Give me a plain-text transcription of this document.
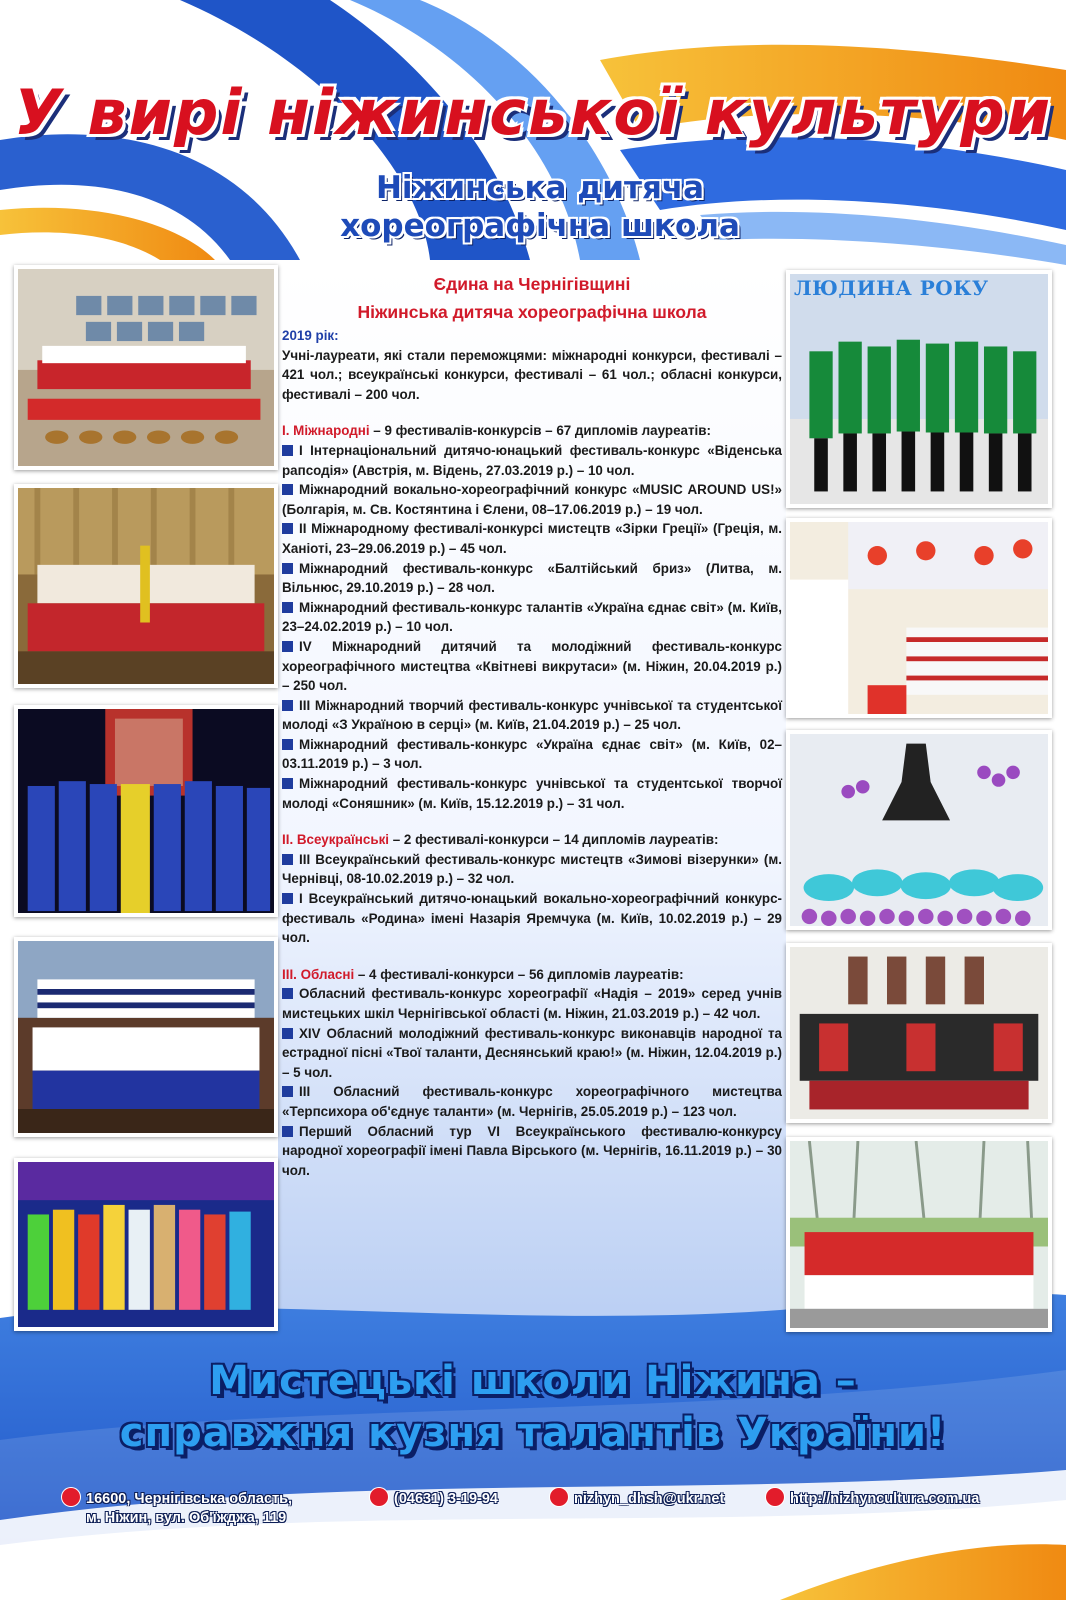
У вирі ніжинської культури
Ніжинська дитяча
хореографічна школа
ЛЮДИНА РОКУ
Єдина на Чернігівщині
Ніжинська дитяча хореографічна школа
2019 рік:

Учні-лауреати, які стали переможцями: міжнародні конкурси, фестивалі – 421 чол.; всеукраїнські конкурси, фестивалі – 61 чол.; обласні конкурси, фестивалі – 200 чол.

І. Міжнародні – 9 фестивалів-конкурсів – 67 дипломів лауреатів:

І Інтернаціональний дитячо-юнацький фестиваль-конкурс «Віденська рапсодія» (Австрія, м. Відень, 27.03.2019 р.) – 10 чол.

Міжнародний вокально-хореографічний конкурс «MUSIC AROUND US!» (Болгарія, м. Св. Костянтина і Єлени, 08–17.06.2019 р.) – 19 чол.

ІІ Міжнародному фестивалі-конкурсі мистецтв «Зірки Греції» (Греція, м. Ханіоті, 23–29.06.2019 р.) – 45 чол.

Міжнародний фестиваль-конкурс «Балтійський бриз» (Литва, м. Вільнюс, 29.10.2019 р.) – 28 чол.

Міжнародний фестиваль-конкурс талантів «Україна єднає світ» (м. Київ, 23–24.02.2019 р.) – 10 чол.

IV Міжнародний дитячий та молодіжний фестиваль-конкурс хореографічного мистецтва «Квітневі викрутаси» (м. Ніжин, 20.04.2019 р.) – 250 чол.

III Міжнародний творчий фестиваль-конкурс учнівської та студентської молоді «З Україною в серці» (м. Київ, 21.04.2019 р.) – 25 чол.

Міжнародний фестиваль-конкурс «Україна єднає світ» (м. Київ, 02–03.11.2019 р.) – 3 чол.

Міжнародний фестиваль-конкурс учнівської та студентської творчої молоді «Соняшник» (м. Київ, 15.12.2019 р.) – 31 чол.

ІІ. Всеукраїнські – 2 фестивалі-конкурси – 14 дипломів лауреатів:

III Всеукраїнський фестиваль-конкурс мистецтв «Зимові візерунки» (м. Чернівці, 08-10.02.2019 р.) – 32 чол.

І Всеукраїнський дитячо-юнацький вокально-хореографічний конкурс-фестиваль «Родина» імені Назарія Яремчука (м. Київ, 10.02.2019 р.) – 29 чол.

ІІІ. Обласні – 4 фестивалі-конкурси – 56 дипломів лауреатів:

Обласний фестиваль-конкурс хореографії «Надія – 2019» серед учнів мистецьких шкіл Чернігівської області (м. Ніжин, 21.03.2019 р.) – 42 чол.

XIV Обласний молодіжний фестиваль-конкурс виконавців народної та естрадної пісні «Твої таланти, Деснянський краю!» (м. Ніжин, 12.04.2019 р.) – 5 чол.

ІІІ Обласний фестиваль-конкурс хореографічного мистецтва «Терпсихора об'єднує таланти» (м. Чернігів, 25.05.2019 р.) – 123 чол.

Перший Обласний тур VI Всеукраїнського фестивалю-конкурсу народної хореографії імені Павла Вірського (м. Чернігів, 16.11.2019 р.) – 30 чол.

Мистецькі школи Ніжина –
справжня кузня талантів України!
16600, Чернігівська область,
м. Ніжин, вул. Об'їжджа, 119
(04631) 3-19-94	nizhyn_dhsh@ukr.net	http://nizhyncultura.com.ua
